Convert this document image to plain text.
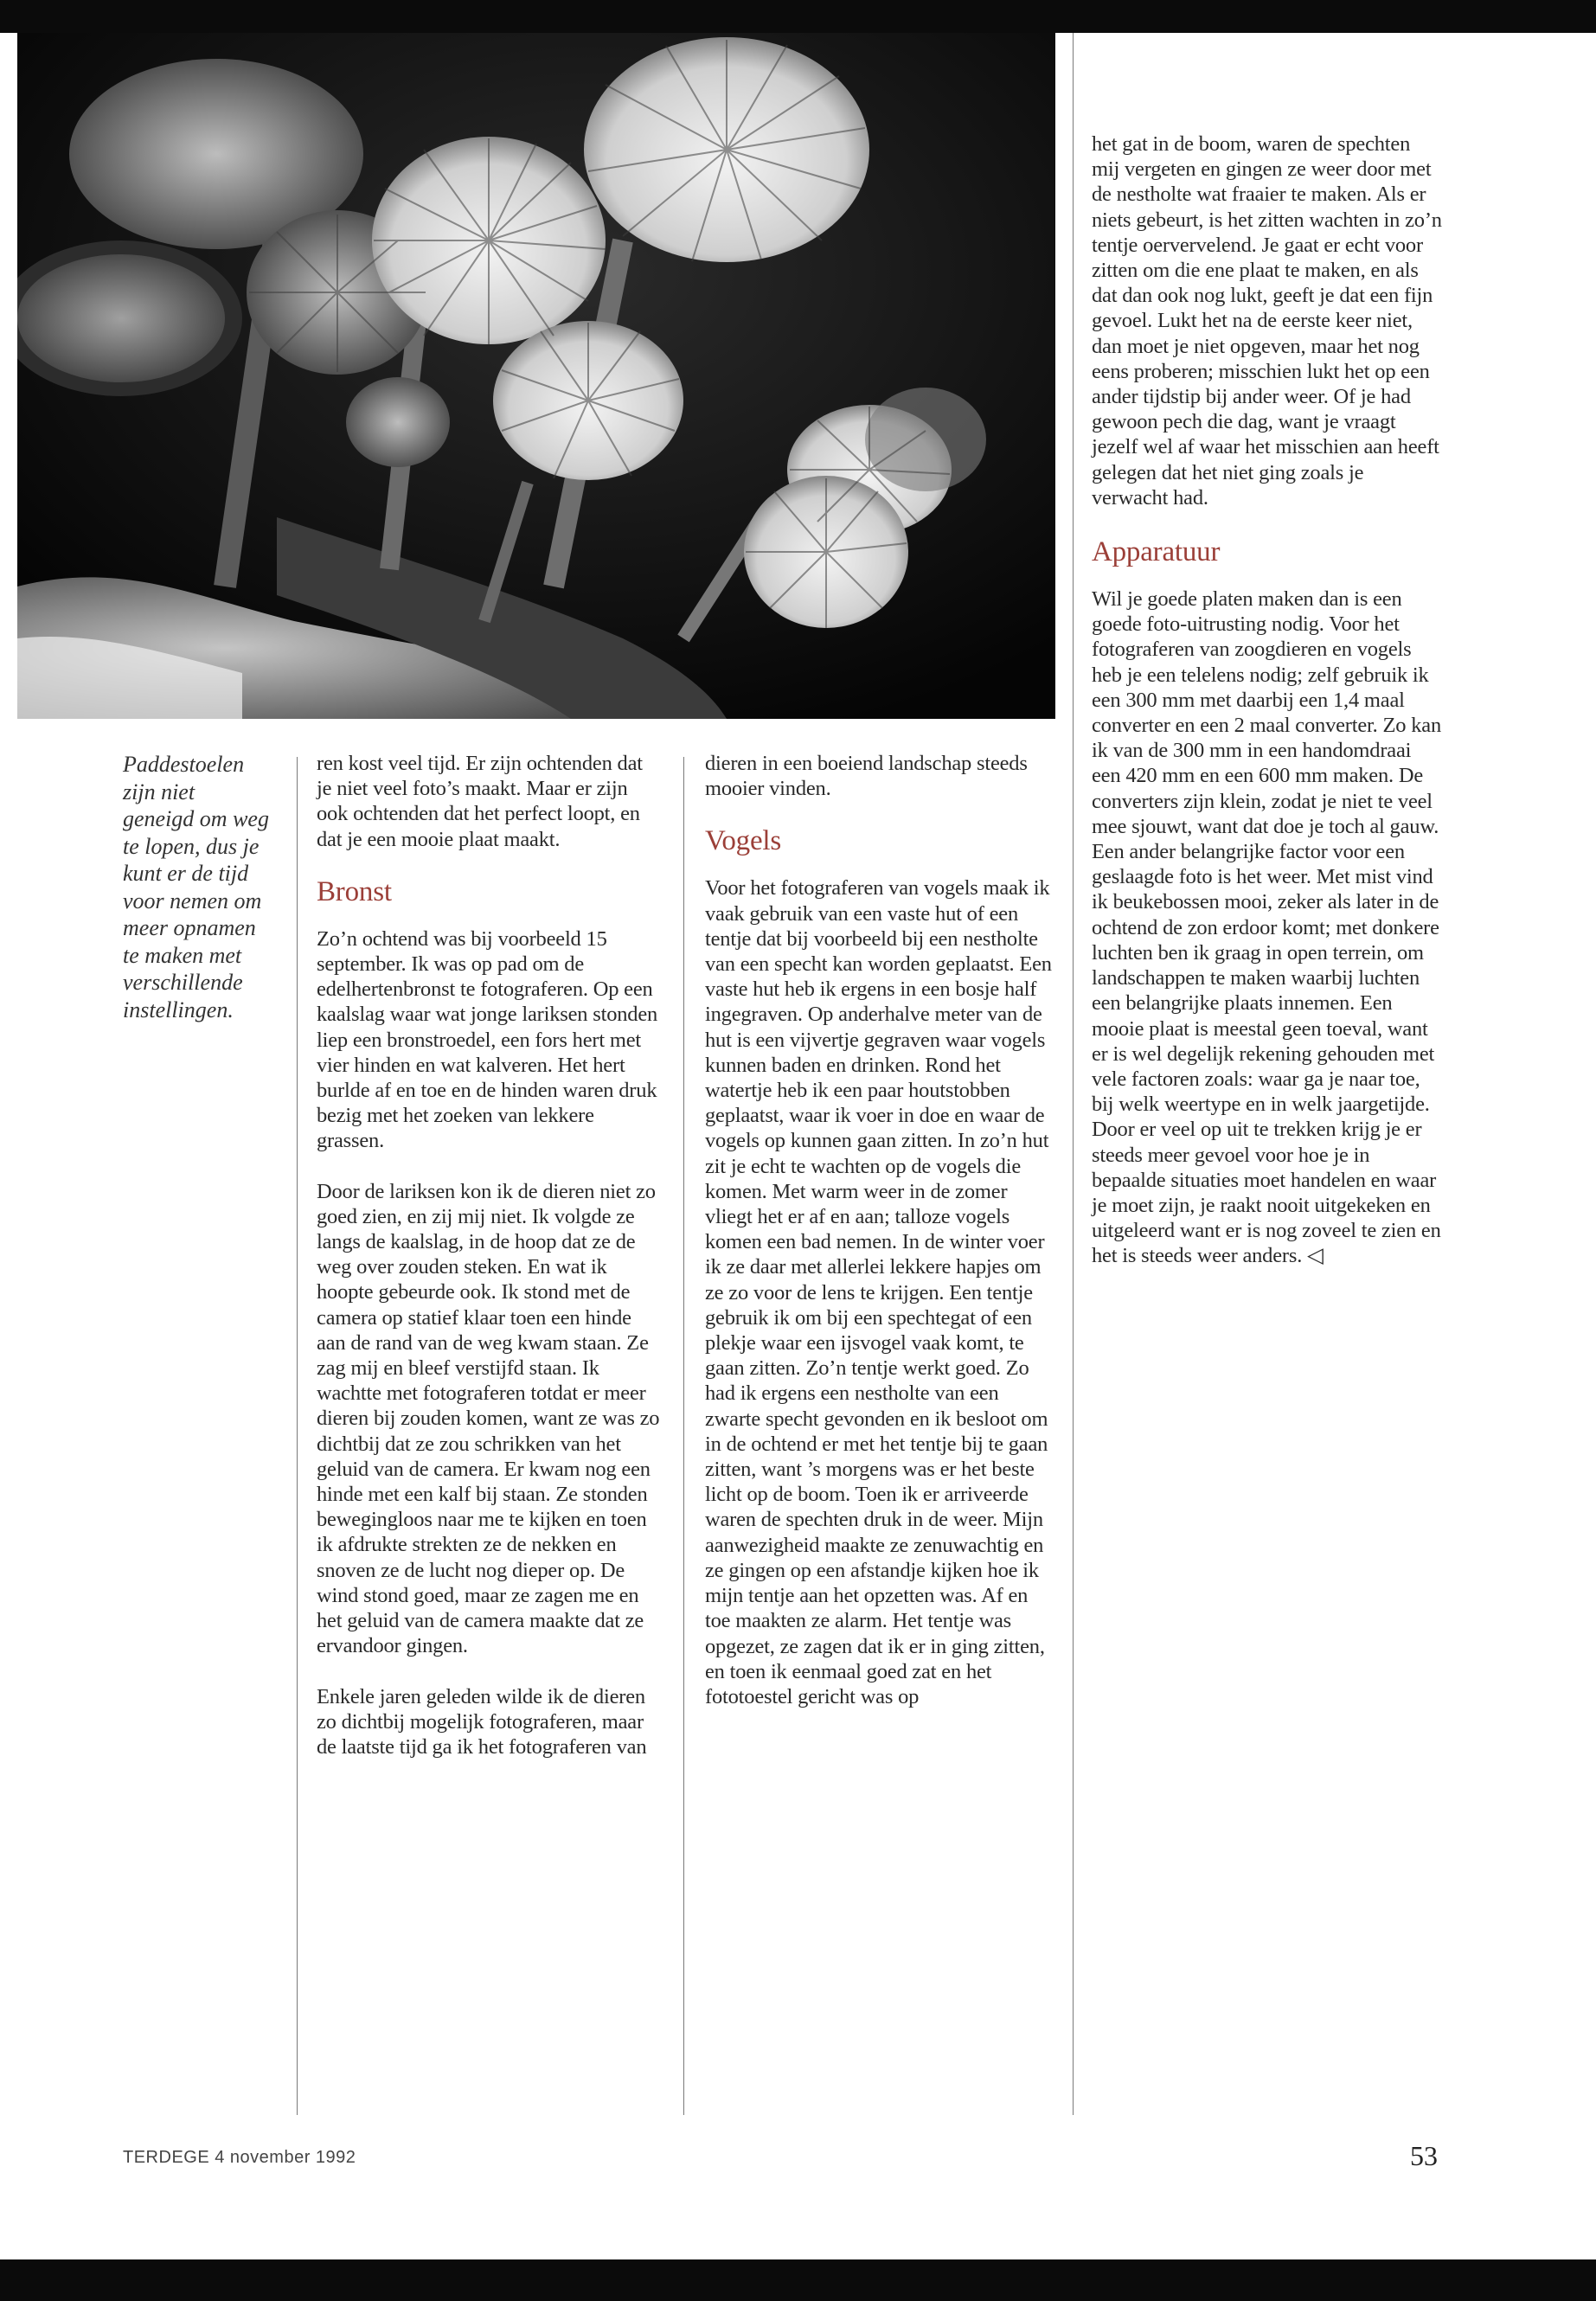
Paddestoelen zijn niet geneigd om weg te lopen, dus je kunt er de tijd voor nemen om meer opnamen te maken met verschillende instellingen.

ren kost veel tijd. Er zijn ochtenden dat je niet veel foto’s maakt. Maar er zijn ook ochtenden dat het perfect loopt, en dat je een mooie plaat maakt.

Bronst

Zo’n ochtend was bij voorbeeld 15 september. Ik was op pad om de edelhertenbronst te fotograferen. Op een kaalslag waar wat jonge lariksen stonden liep een bronstroedel, een fors hert met vier hinden en wat kalveren. Het hert burlde af en toe en de hinden waren druk bezig met het zoeken van lekkere grassen.

Door de lariksen kon ik de dieren niet zo goed zien, en zij mij niet. Ik volgde ze langs de kaalslag, in de hoop dat ze de weg over zouden steken. En wat ik hoopte gebeurde ook. Ik stond met de camera op statief klaar toen een hinde aan de rand van de weg kwam staan. Ze zag mij en bleef verstijfd staan. Ik wachtte met fotograferen totdat er meer dieren bij zouden komen, want ze was zo dichtbij dat ze zou schrikken van het geluid van de camera. Er kwam nog een hinde met een kalf bij staan. Ze stonden bewegingloos naar me te kijken en toen ik afdrukte strekten ze de nekken en snoven ze de lucht nog dieper op. De wind stond goed, maar ze zagen me en het geluid van de camera maakte dat ze ervandoor gingen.

Enkele jaren geleden wilde ik de dieren zo dichtbij mogelijk fotograferen, maar de laatste tijd ga ik het fotograferen van

dieren in een boeiend landschap steeds mooier vinden.

Vogels

Voor het fotograferen van vogels maak ik vaak gebruik van een vaste hut of een tentje dat bij voorbeeld bij een nestholte van een specht kan worden geplaatst. Een vaste hut heb ik ergens in een bosje half ingegraven. Op anderhalve meter van de hut is een vijvertje gegraven waar vogels kunnen baden en drinken. Rond het watertje heb ik een paar houtstobben geplaatst, waar ik voer in doe en waar de vogels op kunnen gaan zitten. In zo’n hut zit je echt te wachten op de vogels die komen. Met warm weer in de zomer vliegt het er af en aan; talloze vogels komen een bad nemen. In de winter voer ik ze daar met allerlei lekkere hapjes om ze zo voor de lens te krijgen. Een tentje gebruik ik om bij een spechtegat of een plekje waar een ijsvogel vaak komt, te gaan zitten. Zo’n tentje werkt goed. Zo had ik ergens een nestholte van een zwarte specht gevonden en ik besloot om in de ochtend er met het tentje bij te gaan zitten, want ’s morgens was er het beste licht op de boom. Toen ik er arriveerde waren de spechten druk in de weer. Mijn aanwezigheid maakte ze zenuwachtig en ze gingen op een afstandje kijken hoe ik mijn tentje aan het opzetten was. Af en toe maakten ze alarm. Het tentje was opgezet, ze zagen dat ik er in ging zitten, en toen ik eenmaal goed zat en het fototoestel gericht was op

het gat in de boom, waren de spechten mij vergeten en gingen ze weer door met de nestholte wat fraaier te maken. Als er niets gebeurt, is het zitten wachten in zo’n tentje oervervelend. Je gaat er echt voor zitten om die ene plaat te maken, en als dat dan ook nog lukt, geeft je dat een fijn gevoel. Lukt het na de eerste keer niet, dan moet je niet opgeven, maar het nog eens proberen; misschien lukt het op een ander tijdstip bij ander weer. Of je had gewoon pech die dag, want je vraagt jezelf wel af waar het misschien aan heeft gelegen dat het niet ging zoals je verwacht had.

Apparatuur

Wil je goede platen maken dan is een goede foto-uitrusting nodig. Voor het fotograferen van zoogdieren en vogels heb je een telelens nodig; zelf gebruik ik een 300 mm met daarbij een 1,4 maal converter en een 2 maal converter. Zo kan ik van de 300 mm in een handomdraai een 420 mm en een 600 mm maken. De converters zijn klein, zodat je niet te veel mee sjouwt, want dat doe je toch al gauw. Een ander belangrijke factor voor een geslaagde foto is het weer. Met mist vind ik beukebossen mooi, zeker als later in de ochtend de zon erdoor komt; met donkere luchten ben ik graag in open terrein, om landschappen te maken waarbij luchten een belangrijke plaats innemen. Een mooie plaat is meestal geen toeval, want er is wel degelijk rekening gehouden met vele factoren zoals: waar ga je naar toe, bij welk weertype en in welk jaargetijde. Door er veel op uit te trekken krijg je er steeds meer gevoel voor hoe je in bepaalde situaties moet handelen en waar je moet zijn, je raakt nooit uitgekeken en uitgeleerd want er is nog zoveel te zien en het is steeds weer anders. ◁

TERDEGE 4 november 1992	53
